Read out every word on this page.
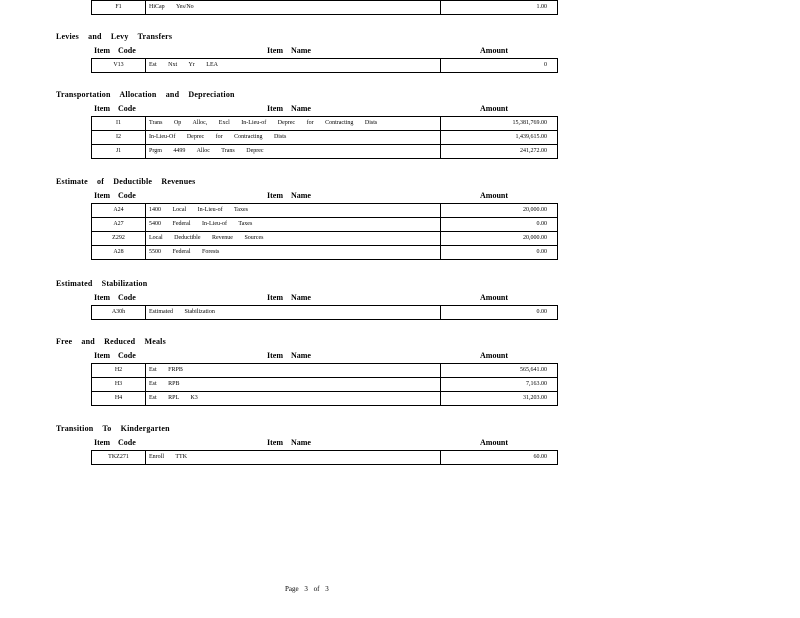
F1	HiCap Yes/No	1.00
Levies and Levy Transfers
Item Code	Item Name	Amount
V13	Est Nxt Yr LEA	0
Transportation Allocation and Depreciation
Item Code	Item Name	Amount
I1	Trans Op Alloc, Excl In-Lieu-of Deprec for Contracting Dists	15,381,769.00
I2	In-Lieu-Of Deprec for Contracting Dists	1,439,615.00
J1	Prgm 4499 Alloc Trans Deprec	241,272.00
Estimate of Deductible Revenues
Item Code	Item Name	Amount
A24	1400 Local In-Lieu-of Taxes	20,000.00
A27	5400 Federal In-Lieu-of Taxes	0.00
Z292	Local Deductible Revenue Sources	20,000.00
A28	5500 Federal Forests	0.00
Estimated Stabilization
Item Code	Item Name	Amount
A30h	Estimated Stabilization	0.00
Free and Reduced Meals
Item Code	Item Name	Amount
H2	Est FRPB	565,641.00
H3	Est RPB	7,163.00
H4	Est RPL K3	31,203.00
Transition To Kindergarten
Item Code	Item Name	Amount
TKZ271	Enroll TTK	60.00
Page 3 of 3
